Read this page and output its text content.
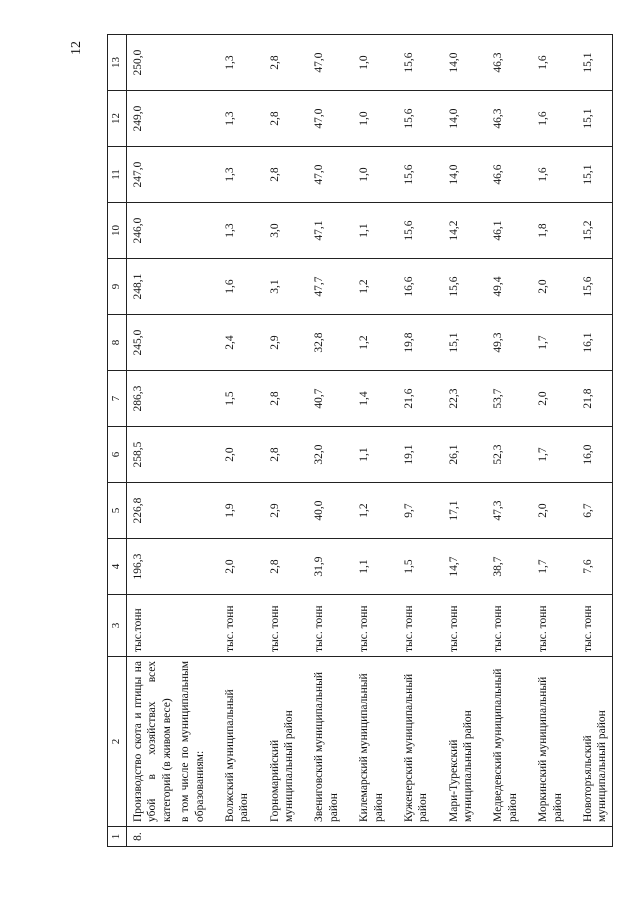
12
1	2	3	4	5	6	7	8	9	10	11	12	13
8.	Производство скота и птицы на убой в хозяйствах всех категорий (в живом весе) в том числе по муниципальным образованиям:	тыс.тонн	196,3	226,8	258,5	286,3	245,0	248,1	246,0	247,0	249,0	250,0
	Волжский муниципальный район	тыс. тонн	2,0	1,9	2,0	1,5	2,4	1,6	1,3	1,3	1,3	1,3
	Горномарийский муниципальный район	тыс. тонн	2,8	2,9	2,8	2,8	2,9	3,1	3,0	2,8	2,8	2,8
	Звениговский муниципальный район	тыс. тонн	31,9	40,0	32,0	40,7	32,8	47,7	47,1	47,0	47,0	47,0
	Килемарский муниципальный район	тыс. тонн	1,1	1,2	1,1	1,4	1,2	1,2	1,1	1,0	1,0	1,0
	Куженерский муниципальный район	тыс. тонн	1,5	9,7	19,1	21,6	19,8	16,6	15,6	15,6	15,6	15,6
	Мари-Турекский муниципальный район	тыс. тонн	14,7	17,1	26,1	22,3	15,1	15,6	14,2	14,0	14,0	14,0
	Медведевский муниципальный район	тыс. тонн	38,7	47,3	52,3	53,7	49,3	49,4	46,1	46,6	46,3	46,3
	Моркинский муниципальный район	тыс. тонн	1,7	2,0	1,7	2,0	1,7	2,0	1,8	1,6	1,6	1,6
	Новоторъяльский муниципальный район	тыс. тонн	7,6	6,7	16,0	21,8	16,1	15,6	15,2	15,1	15,1	15,1
